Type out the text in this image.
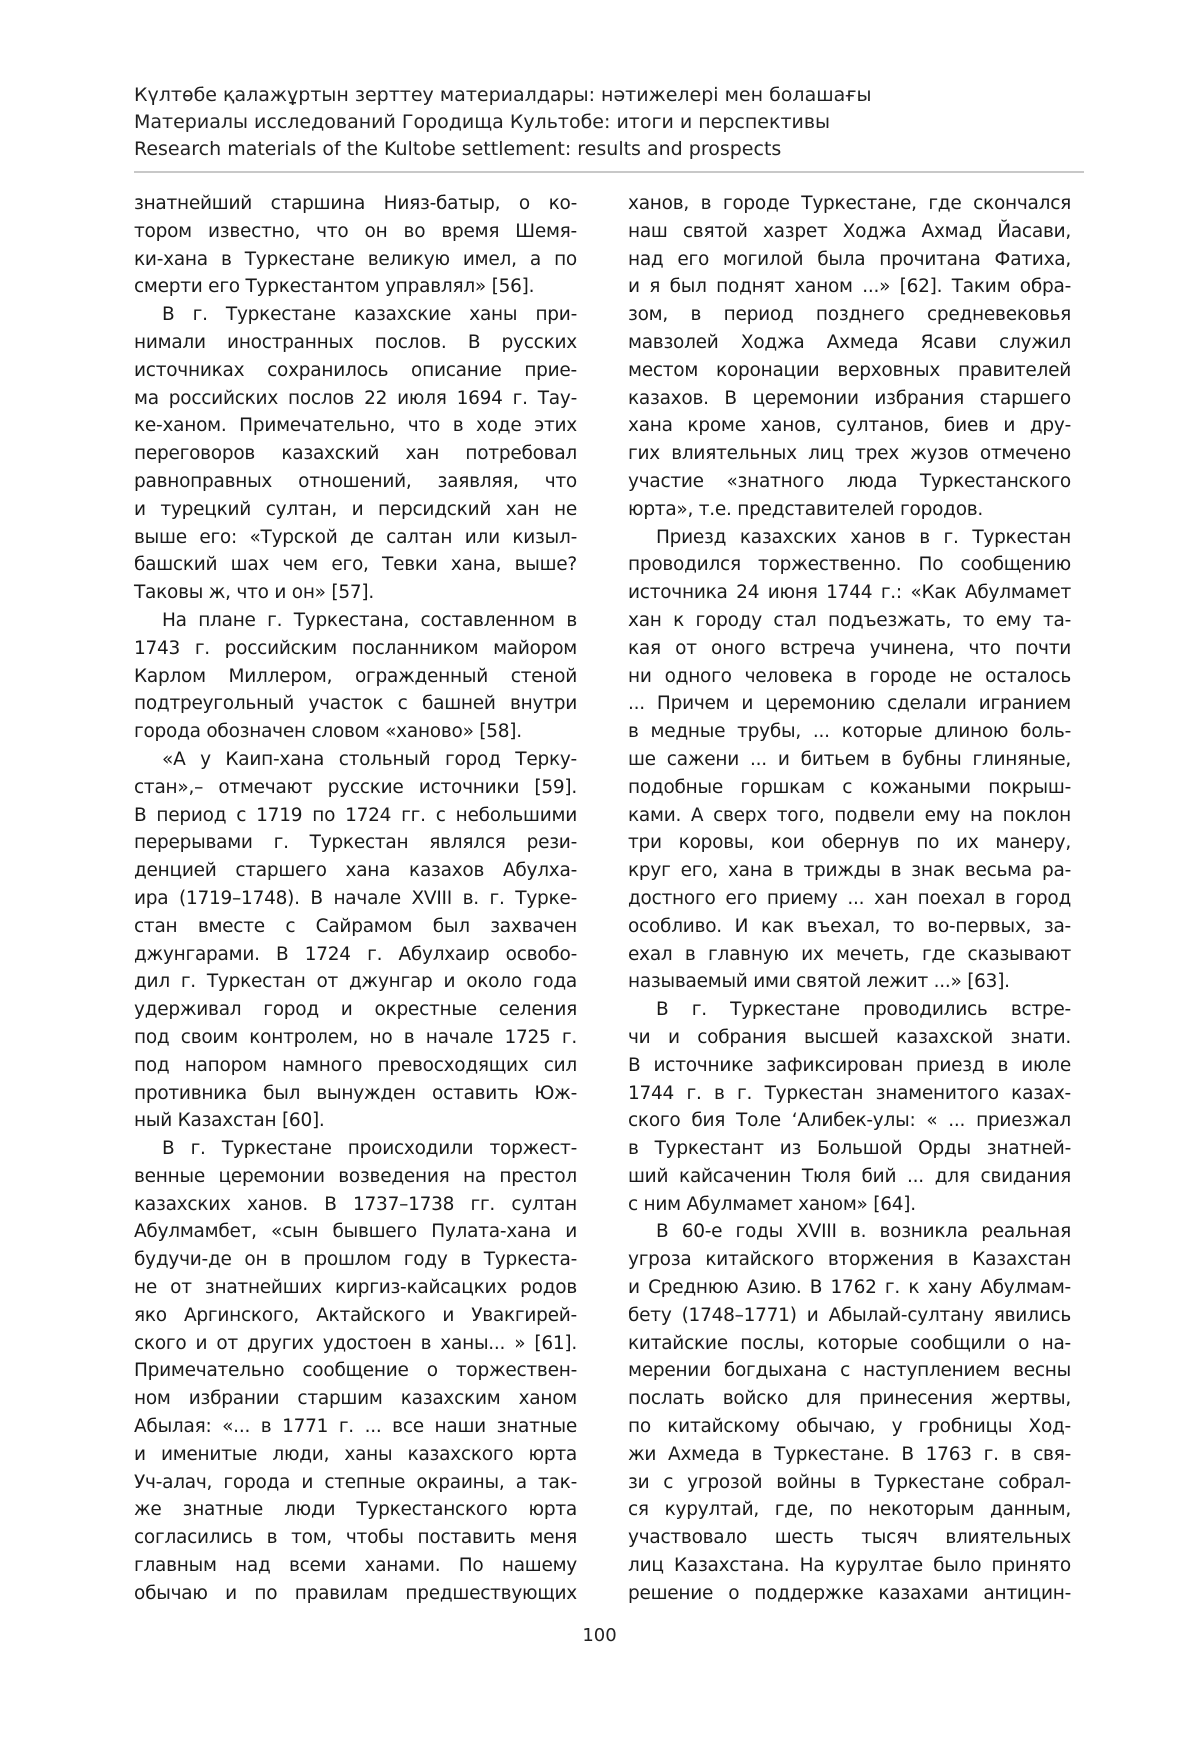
Күлтөбе қалажұртын зерттеу материалдары: нәтижелері мен болашағы
Материалы исследований Городища Культобе: итоги и перспективы
Research materials of the Kultobe settlement: results and prospects
знатнейший старшина Нияз-батыр, о ко-
тором известно, что он во время Шемя-
ки-хана в Туркестане великую имел, а по
смерти его Туркестантом управлял» [56].
В г. Туркестане казахские ханы при-
нимали иностранных послов. В русских
источниках сохранилось описание прие-
ма российских послов 22 июля 1694 г. Тау-
ке-ханом. Примечательно, что в ходе этих
переговоров казахский хан потребовал
равноправных отношений, заявляя, что
и турецкий султан, и персидский хан не
выше его: «Турской де салтан или кизыл-
башский шах чем его, Тевки хана, выше?
Таковы ж, что и он» [57].
На плане г. Туркестана, составленном в
1743 г. российским посланником майором
Карлом Миллером, огражденный стеной
подтреугольный участок с башней внутри
города обозначен словом «ханово» [58].
«А у Каип-хана стольный город Терку-
стан»,– отмечают русские источники [59].
В период с 1719 по 1724 гг. с небольшими
перерывами г. Туркестан являлся рези-
денцией старшего хана казахов Абулха-
ира (1719–1748). В начале XVIII в. г. Турке-
стан вместе с Сайрамом был захвачен
джунгарами. В 1724 г. Абулхаир освобо-
дил г. Туркестан от джунгар и около года
удерживал город и окрестные селения
под своим контролем, но в начале 1725 г.
под напором намного превосходящих сил
противника был вынужден оставить Юж-
ный Казахстан [60].
В г. Туркестане происходили торжест-
венные церемонии возведения на престол
казахских ханов. В 1737–1738 гг. султан
Абулмамбет, «сын бывшего Пулата-хана и
будучи-де он в прошлом году в Туркеста-
не от знатнейших киргиз-кайсацких родов
яко Аргинского, Актайского и Увакгирей-
ского и от других удостоен в ханы... » [61].
Примечательно сообщение о торжествен-
ном избрании старшим казахским ханом
Абылая: «... в 1771 г. ... все наши знатные
и именитые люди, ханы казахского юрта
Уч-алач, города и степные окраины, а так-
же знатные люди Туркестанского юрта
согласились в том, чтобы поставить меня
главным над всеми ханами. По нашему
обычаю и по правилам предшествующих
ханов, в городе Туркестане, где скончался
наш святой хазрет Ходжа Ахмад Йасави,
над его могилой была прочитана Фатиха,
и я был поднят ханом ...» [62]. Таким обра-
зом, в период позднего средневековья
мавзолей Ходжа Ахмеда Ясави служил
местом коронации верховных правителей
казахов. В церемонии избрания старшего
хана кроме ханов, султанов, биев и дру-
гих влиятельных лиц трех жузов отмечено
участие «знатного люда Туркестанского
юрта», т.е. представителей городов.
Приезд казахских ханов в г. Туркестан
проводился торжественно. По сообщению
источника 24 июня 1744 г.: «Как Абулмамет
хан к городу стал подъезжать, то ему та-
кая от оного встреча учинена, что почти
ни одного человека в городе не осталось
... Причем и церемонию сделали игранием
в медные трубы, ... которые длиною боль-
ше сажени ... и битьем в бубны глиняные,
подобные горшкам с кожаными покрыш-
ками. А сверх того, подвели ему на поклон
три коровы, кои обернув по их манеру,
круг его, хана в трижды в знак весьма ра-
достного его приему ... хан поехал в город
особливо. И как въехал, то во-первых, за-
ехал в главную их мечеть, где сказывают
называемый ими святой лежит ...» [63].
В г. Туркестане проводились встре-
чи и собрания высшей казахской знати.
В источнике зафиксирован приезд в июле
1744 г. в г. Туркестан знаменитого казах-
ского бия Толе ‘Алибек-улы: « ... приезжал
в Туркестант из Большой Орды знатней-
ший кайсаченин Тюля бий ... для свидания
с ним Абулмамет ханом» [64].
В 60-е годы XVIII в. возникла реальная
угроза китайского вторжения в Казахстан
и Среднюю Азию. В 1762 г. к хану Абулмам-
бету (1748–1771) и Абылай-султану явились
китайские послы, которые сообщили о на-
мерении богдыхана с наступлением весны
послать войско для принесения жертвы,
по китайскому обычаю, у гробницы Ход-
жи Ахмеда в Туркестане. В 1763 г. в свя-
зи с угрозой войны в Туркестане собрал-
ся курултай, где, по некоторым данным,
участвовало шесть тысяч влиятельных
лиц Казахстана. На курултае было принято
решение о поддержке казахами антицин-
100
